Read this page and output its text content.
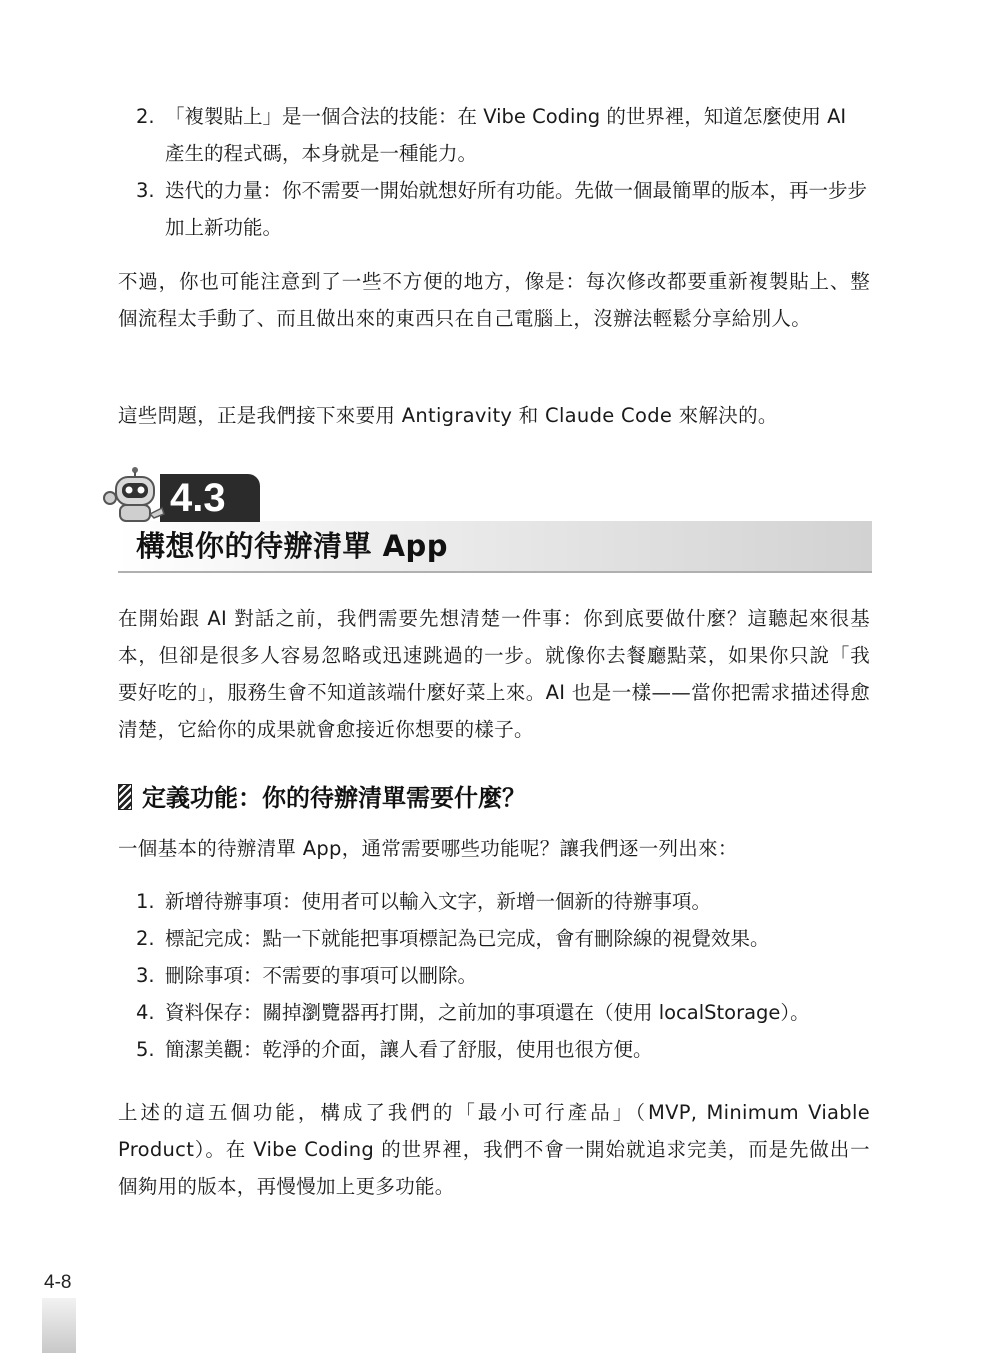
2. 「複製貼上」是一個合法的技能：在 Vibe Coding 的世界裡，知道怎麼使用 AI 產生的程式碼，本身就是一種能力。
3. 迭代的力量：你不需要一開始就想好所有功能。先做一個最簡單的版本，再一步步加上新功能。

不過，你也可能注意到了一些不方便的地方，像是：每次修改都要重新複製貼上、整個流程太手動了、而且做出來的東西只在自己電腦上，沒辦法輕鬆分享給別人。

這些問題，正是我們接下來要用 Antigravity 和 Claude Code 來解決的。

4.3
構想你的待辦清單 App

在開始跟 AI 對話之前，我們需要先想清楚一件事：你到底要做什麼？這聽起來很基本，但卻是很多人容易忽略或迅速跳過的一步。就像你去餐廳點菜，如果你只說「我要好吃的」，服務生會不知道該端什麼好菜上來。AI 也是一樣——當你把需求描述得愈清楚，它給你的成果就會愈接近你想要的樣子。

定義功能：你的待辦清單需要什麼？

一個基本的待辦清單 App，通常需要哪些功能呢？讓我們逐一列出來：

1. 新增待辦事項：使用者可以輸入文字，新增一個新的待辦事項。
2. 標記完成：點一下就能把事項標記為已完成，會有刪除線的視覺效果。
3. 刪除事項：不需要的事項可以刪除。
4. 資料保存：關掉瀏覽器再打開，之前加的事項還在（使用 localStorage）。
5. 簡潔美觀：乾淨的介面，讓人看了舒服，使用也很方便。

上述的這五個功能，構成了我們的「最小可行產品」（MVP, Minimum Viable Product）。在 Vibe Coding 的世界裡，我們不會一開始就追求完美，而是先做出一個夠用的版本，再慢慢加上更多功能。

4-8
